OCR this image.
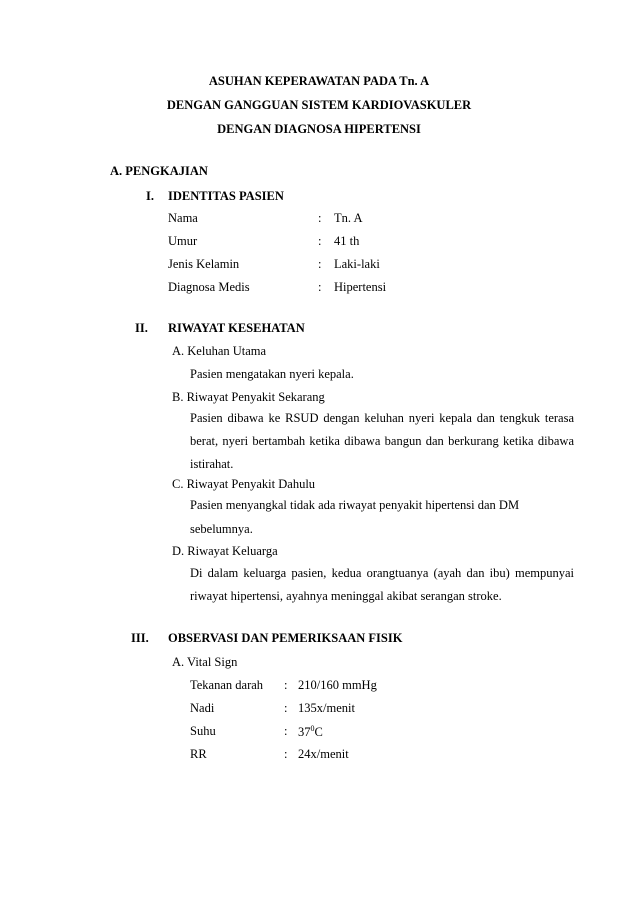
ASUHAN KEPERAWATAN PADA Tn. A
DENGAN GANGGUAN SISTEM KARDIOVASKULER
DENGAN DIAGNOSA HIPERTENSI
A. PENGKAJIAN
I. IDENTITAS PASIEN
Nama	: Tn. A
Umur	: 41 th
Jenis Kelamin	: Laki-laki
Diagnosa Medis	: Hipertensi
II. RIWAYAT KESEHATAN
A. Keluhan Utama
Pasien mengatakan nyeri kepala.
B. Riwayat Penyakit Sekarang
Pasien dibawa ke RSUD dengan keluhan nyeri kepala dan tengkuk terasa
berat, nyeri bertambah ketika dibawa bangun dan berkurang ketika dibawa
istirahat.
C. Riwayat Penyakit Dahulu
Pasien menyangkal tidak ada riwayat penyakit hipertensi dan DM
sebelumnya.
D. Riwayat Keluarga
Di dalam keluarga pasien, kedua orangtuanya (ayah dan ibu) mempunyai
riwayat hipertensi, ayahnya meninggal akibat serangan stroke.
III. OBSERVASI DAN PEMERIKSAAN FISIK
A. Vital Sign
Tekanan darah : 210/160 mmHg
Nadi	: 135x/menit
Suhu	: $37^0C$
RR	: 24x/menit
